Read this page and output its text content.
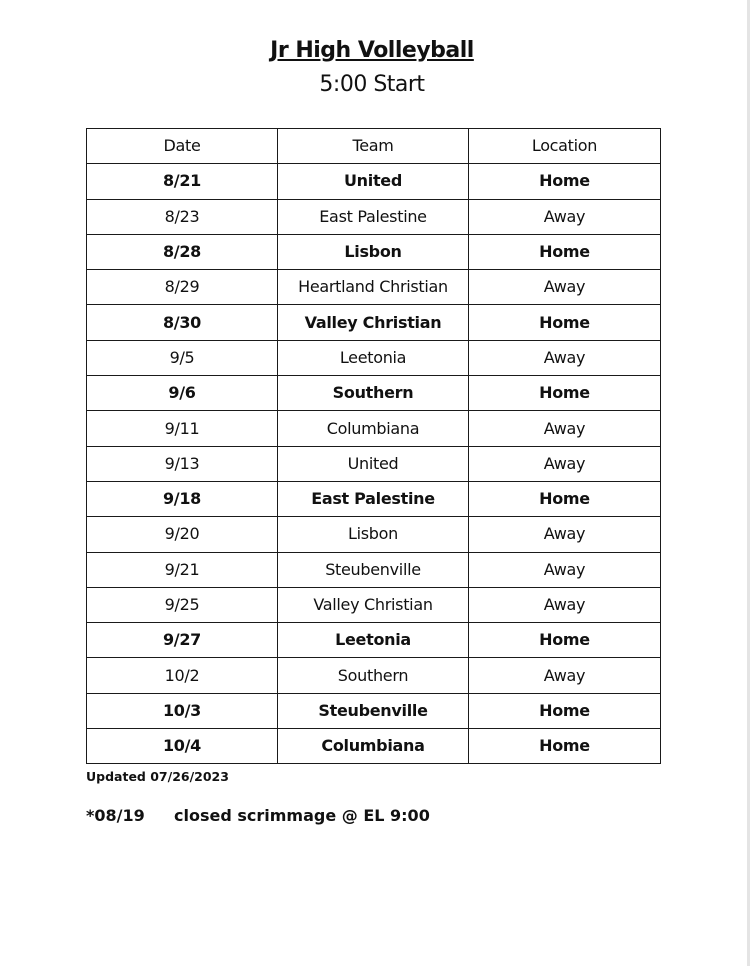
Jr High Volleyball
5:00 Start
Date	Team	Location
8/21	United	Home
8/23	East Palestine	Away
8/28	Lisbon	Home
8/29	Heartland Christian	Away
8/30	Valley Christian	Home
9/5	Leetonia	Away
9/6	Southern	Home
9/11	Columbiana	Away
9/13	United	Away
9/18	East Palestine	Home
9/20	Lisbon	Away
9/21	Steubenville	Away
9/25	Valley Christian	Away
9/27	Leetonia	Home
10/2	Southern	Away
10/3	Steubenville	Home
10/4	Columbiana	Home
Updated 07/26/2023
*08/19 closed scrimmage @ EL 9:00
